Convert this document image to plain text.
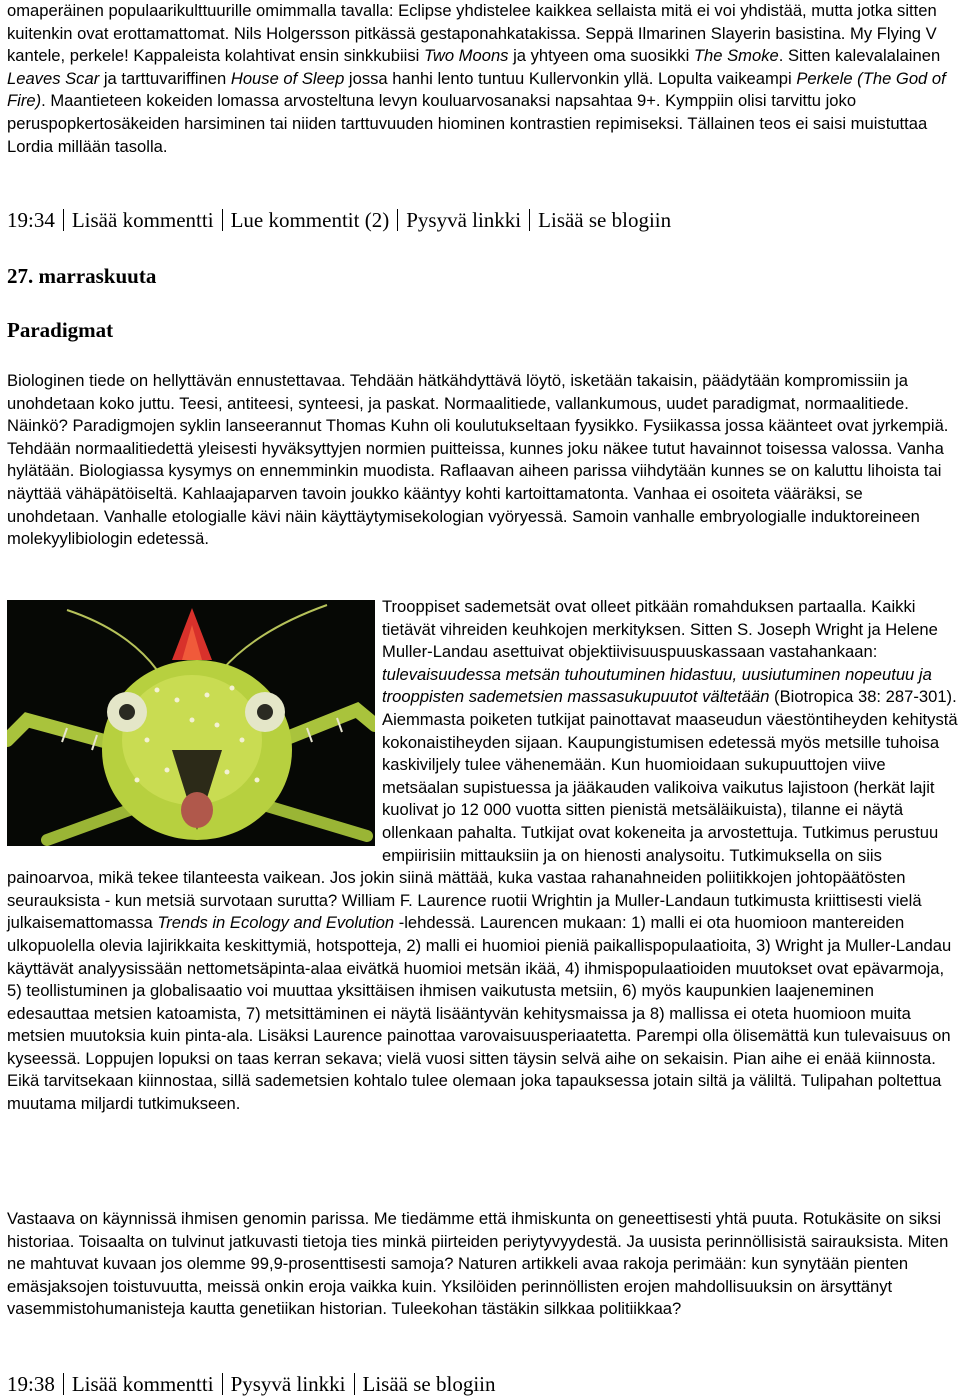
omaperäinen populaarikulttuurille omimmalla tavalla: Eclipse yhdistelee kaikkea sellaista mitä ei voi yhdistää, mutta jotka sitten kuitenkin ovat erottamattomat. Nils Holgersson pitkässä gestaponahkatakissa. Seppä Ilmarinen Slayerin basistina. My Flying V kantele, perkele! Kappaleista kolahtivat ensin sinkkubiisi Two Moons ja yhtyeen oma suosikki The Smoke. Sitten kalevalalainen Leaves Scar ja tarttuvariffinen House of Sleep jossa hanhi lento tuntuu Kullervonkin yllä. Lopulta vaikeampi Perkele (The God of Fire). Maantieteen kokeiden lomassa arvosteltuna levyn kouluarvosanaksi napsahtaa 9+. Kymppiin olisi tarvittu joko peruspopkertosäkeiden harsiminen tai niiden tarttuvuuden hiominen kontrastien repimiseksi. Tällainen teos ei saisi muistuttaa Lordia millään tasolla.

19:34 Lisää kommentti Lue kommentit (2) Pysyvä linkki Lisää se blogiin
27. marraskuuta
Paradigmat

Biologinen tiede on hellyttävän ennustettavaa. Tehdään hätkähdyttävä löytö, isketään takaisin, päädytään kompromissiin ja unohdetaan koko juttu. Teesi, antiteesi, synteesi, ja paskat. Normaalitiede, vallankumous, uudet paradigmat, normaalitiede. Näinkö? Paradigmojen syklin lanseerannut Thomas Kuhn oli koulutukseltaan fyysikko. Fysiikassa jossa käänteet ovat jyrkempiä. Tehdään normaalitiedettä yleisesti hyväksyttyjen normien puitteissa, kunnes joku näkee tutut havainnot toisessa valossa. Vanha hylätään. Biologiassa kysymys on ennemminkin muodista. Raflaavan aiheen parissa viihdytään kunnes se on kaluttu lihoista tai näyttää vähäpätöiseltä. Kahlaajaparven tavoin joukko kääntyy kohti kartoittamatonta. Vanhaa ei osoiteta vääräksi, se unohdetaan. Vanhalle etologialle kävi näin käyttäytymisekologian vyöryessä. Samoin vanhalle embryologialle induktoreineen molekyylibiologin edetessä.

Trooppiset sademetsät ovat olleet pitkään romahduksen partaalla. Kaikki tietävät vihreiden keuhkojen merkityksen. Sitten S. Joseph Wright ja Helene Muller-Landau asettuivat objektiivisuuspuuskassaan vastahankaan: tulevaisuudessa metsän tuhoutuminen hidastuu, uusiutuminen nopeutuu ja trooppisten sademetsien massasukupuutot vältetään (Biotropica 38: 287-301). Aiemmasta poiketen tutkijat painottavat maaseudun väestöntiheyden kehitystä kokonaistiheyden sijaan. Kaupungistumisen edetessä myös metsille tuhoisa kaskiviljely tulee vähenemään. Kun huomioidaan sukupuuttojen viive metsäalan supistuessa ja jääkauden valikoiva vaikutus lajistoon (herkät lajit kuolivat jo 12 000 vuotta sitten pienistä metsäläikuista), tilanne ei näytä ollenkaan pahalta. Tutkijat ovat kokeneita ja arvostettuja. Tutkimus perustuu empiirisiin mittauksiin ja on hienosti analysoitu. Tutkimuksella on siis painoarvoa, mikä tekee tilanteesta vaikean. Jos jokin siinä mättää, kuka vastaa rahanahneiden poliitikkojen johtopäätösten seurauksista - kun metsiä survotaan suruttа? William F. Laurence ruotii Wrightin ja Muller-Landaun tutkimusta kriittisesti vielä julkaisemattomassa Trends in Ecology and Evolution -lehdessä. Laurencen mukaan: 1) malli ei ota huomioon mantereiden ulkopuolella olevia lajirikkaita keskittymiä, hotspotteja, 2) malli ei huomioi pieniä paikallispopulaatioita, 3) Wright ja Muller-Landau käyttävät analyysissään nettometsäpinta-alaa eivätkä huomioi metsän ikää, 4) ihmispopulaatioiden muutokset ovat epävarmoja, 5) teollistuminen ja globalisaatio voi muuttaa yksittäisen ihmisen vaikutusta metsiin, 6) myös kaupunkien laajeneminen edesauttaa metsien katoamista, 7) metsittäminen ei näytä lisääntyvän kehitysmaissa ja 8) mallissa ei oteta huomioon muita metsien muutoksia kuin pinta-ala. Lisäksi Laurence painottaa varovaisuusperiaatetta. Parempi olla ölisemättä kun tulevaisuus on kyseessä. Loppujen lopuksi on taas kerran sekava; vielä vuosi sitten täysin selvä aihe on sekaisin. Pian aihe ei enää kiinnosta. Eikä tarvitsekaan kiinnostaa, sillä sademetsien kohtalo tulee olemaan joka tapauksessa jotain siltä ja väliltä. Tulipahan poltettua muutama miljardi tutkimukseen.

Vastaava on käynnissä ihmisen genomin parissa. Me tiedämme että ihmiskunta on geneettisesti yhtä puuta. Rotukäsite on siksi historiaa. Toisaalta on tulvinut jatkuvasti tietoja ties minkä piirteiden periytyvyydestä. Ja uusista perinnöllisistä sairauksista. Miten ne mahtuvat kuvaan jos olemme 99,9-prosenttisesti samoja? Naturen artikkeli avaa rakoja perimään: kun synytään pienten emäsjaksojen toistuvuutta, meissä onkin eroja vaikka kuin. Yksilöiden perinnöllisten erojen mahdollisuuksin on ärsyttänyt vasemmistohumanisteja kautta genetiikan historian. Tuleekohan tästäkin silkkaa politiikkaa?

19:38 Lisää kommentti Pysyvä linkki Lisää se blogiin
